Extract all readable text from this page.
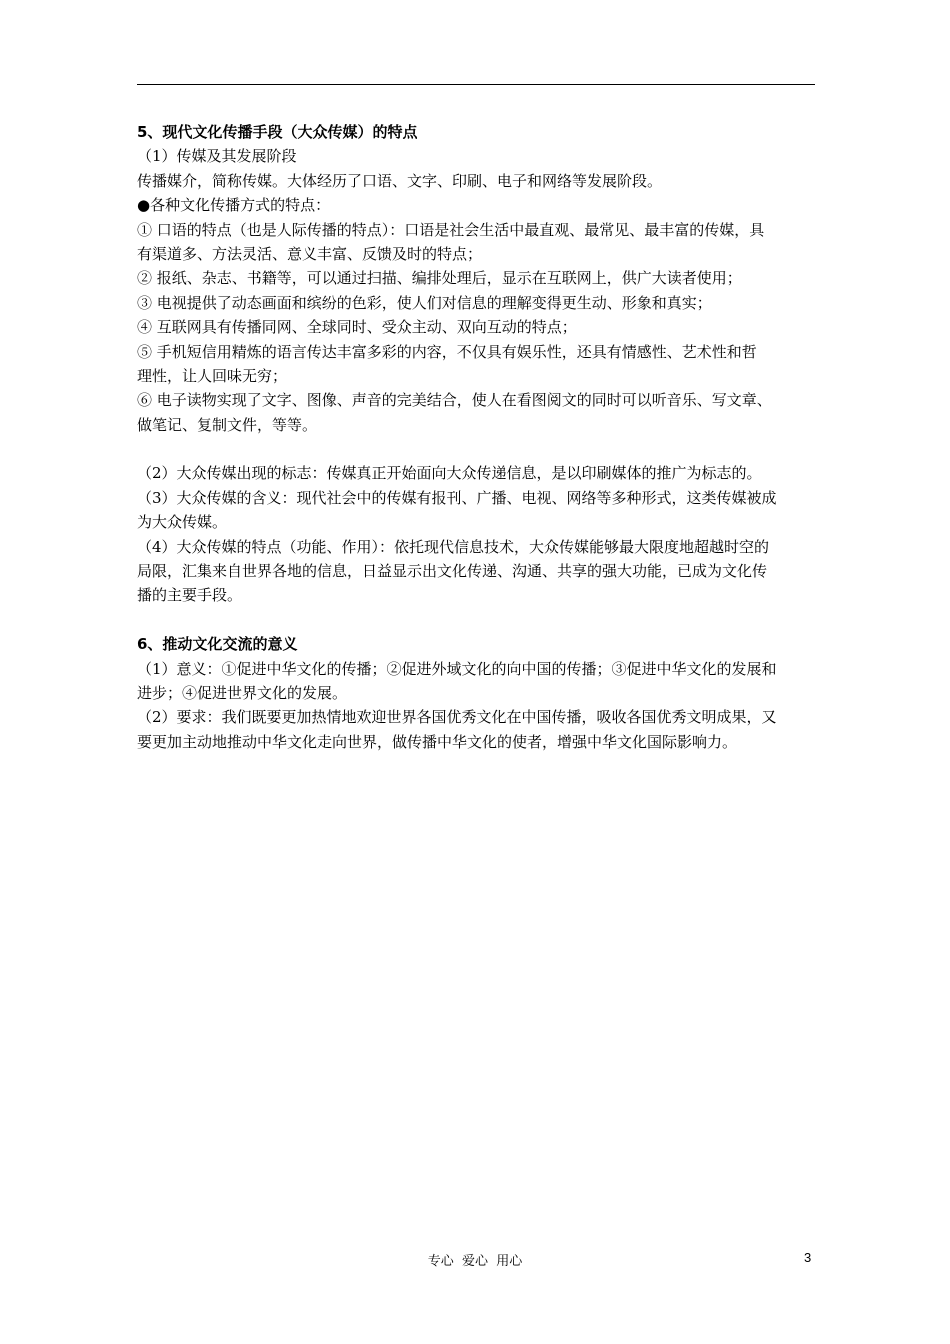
5、现代文化传播手段（大众传媒）的特点
（1）传媒及其发展阶段
传播媒介，简称传媒。大体经历了口语、文字、印刷、电子和网络等发展阶段。
●各种文化传播方式的特点：
① 口语的特点（也是人际传播的特点）：口语是社会生活中最直观、最常见、最丰富的传媒，具
有渠道多、方法灵活、意义丰富、反馈及时的特点；
② 报纸、杂志、书籍等，可以通过扫描、编排处理后，显示在互联网上，供广大读者使用；
③ 电视提供了动态画面和缤纷的色彩，使人们对信息的理解变得更生动、形象和真实；
④ 互联网具有传播同网、全球同时、受众主动、双向互动的特点；
⑤ 手机短信用精炼的语言传达丰富多彩的内容，不仅具有娱乐性，还具有情感性、艺术性和哲
理性，让人回味无穷；
⑥ 电子读物实现了文字、图像、声音的完美结合，使人在看图阅文的同时可以听音乐、写文章、
做笔记、复制文件，等等。
（2）大众传媒出现的标志：传媒真正开始面向大众传递信息，是以印刷媒体的推广为标志的。
（3）大众传媒的含义：现代社会中的传媒有报刊、广播、电视、网络等多种形式，这类传媒被成
为大众传媒。
（4）大众传媒的特点（功能、作用）：依托现代信息技术，大众传媒能够最大限度地超越时空的
局限，汇集来自世界各地的信息，日益显示出文化传递、沟通、共享的强大功能，已成为文化传
播的主要手段。
6、推动文化交流的意义
（1）意义：①促进中华文化的传播；②促进外域文化的向中国的传播；③促进中华文化的发展和
进步；④促进世界文化的发展。
（2）要求：我们既要更加热情地欢迎世界各国优秀文化在中国传播，吸收各国优秀文明成果，又
要更加主动地推动中华文化走向世界，做传播中华文化的使者，增强中华文化国际影响力。
专心  爱心  用心	3
